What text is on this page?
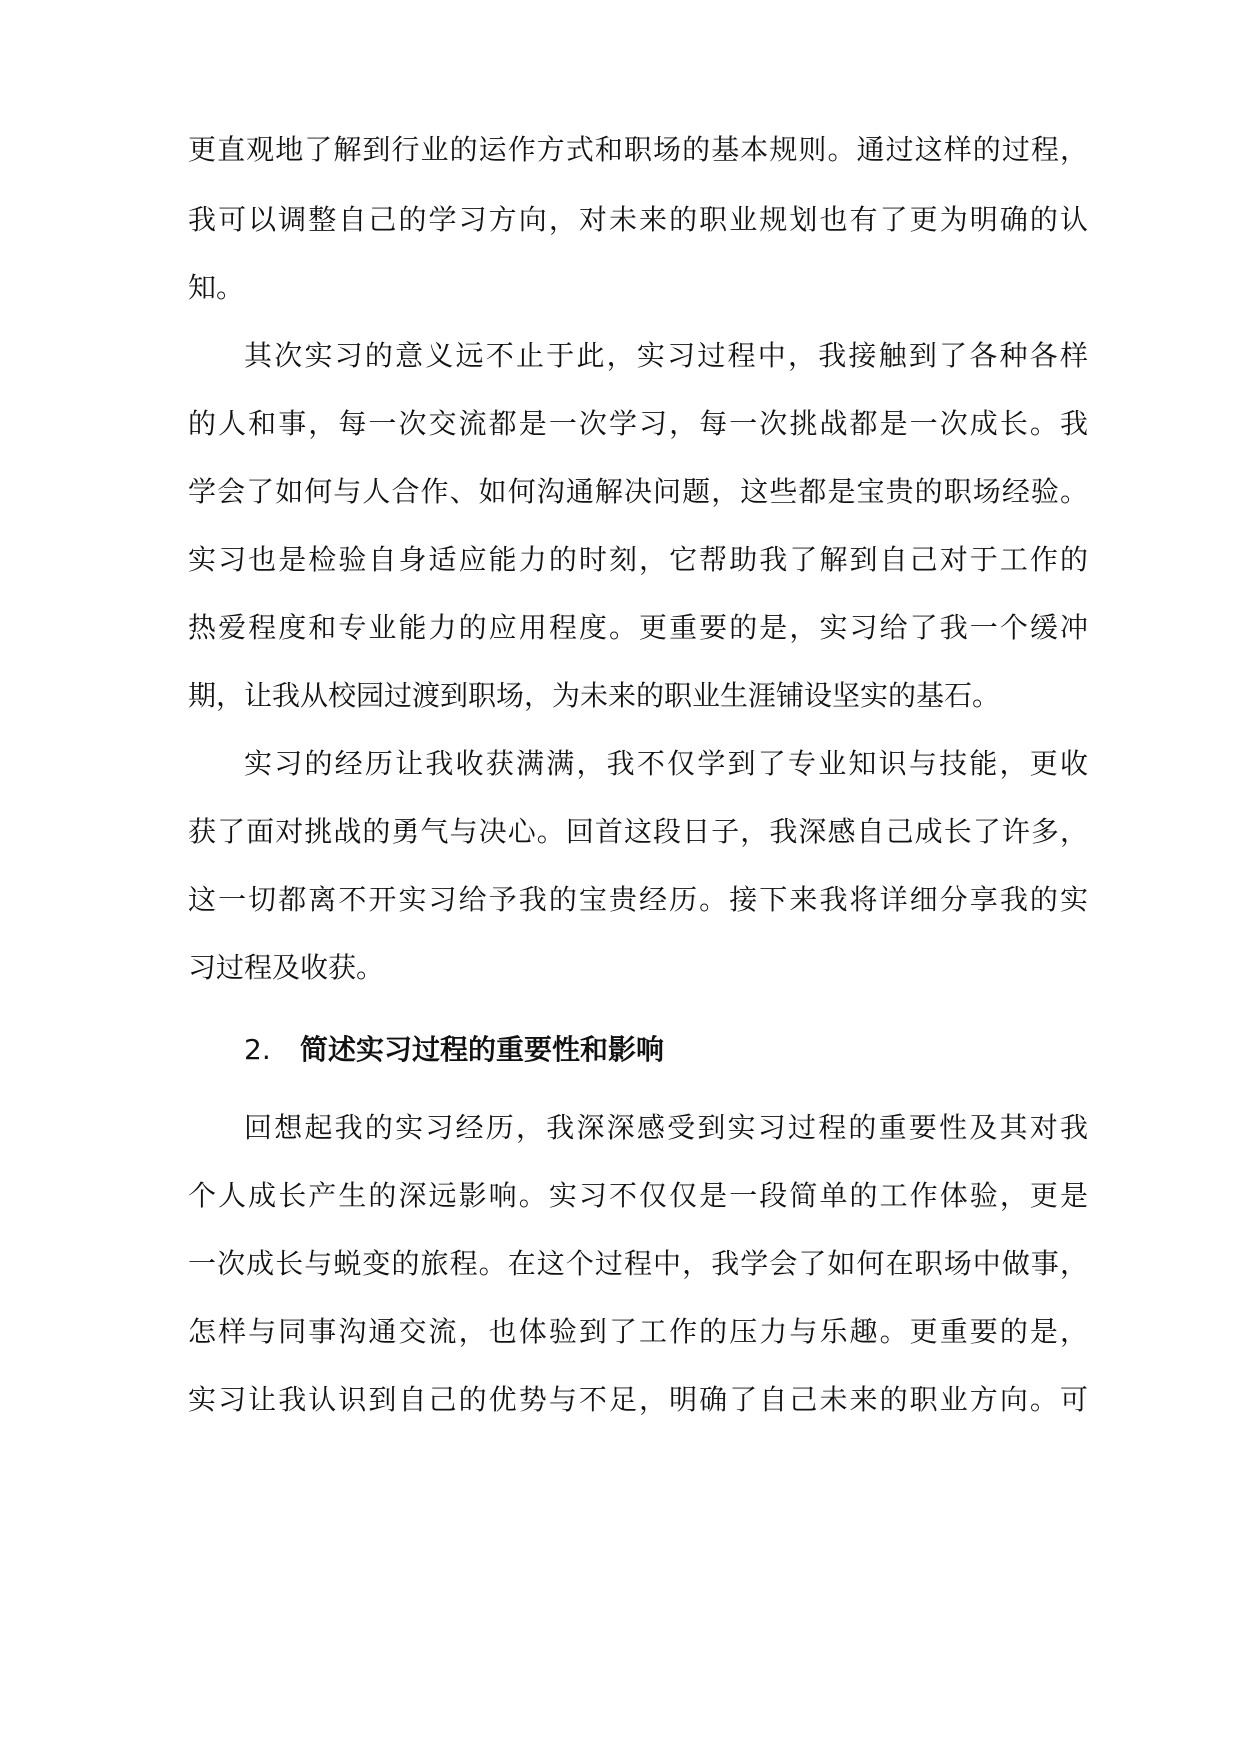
更直观地了解到行业的运作方式和职场的基本规则。通过这样的过程，
我可以调整自己的学习方向，对未来的职业规划也有了更为明确的认
知。
其次实习的意义远不止于此，实习过程中，我接触到了各种各样
的人和事，每一次交流都是一次学习，每一次挑战都是一次成长。我
学会了如何与人合作、如何沟通解决问题，这些都是宝贵的职场经验。
实习也是检验自身适应能力的时刻，它帮助我了解到自己对于工作的
热爱程度和专业能力的应用程度。更重要的是，实习给了我一个缓冲
期，让我从校园过渡到职场，为未来的职业生涯铺设坚实的基石。
实习的经历让我收获满满，我不仅学到了专业知识与技能，更收
获了面对挑战的勇气与决心。回首这段日子，我深感自己成长了许多，
这一切都离不开实习给予我的宝贵经历。接下来我将详细分享我的实
习过程及收获。
2. 简述实习过程的重要性和影响
回想起我的实习经历，我深深感受到实习过程的重要性及其对我
个人成长产生的深远影响。实习不仅仅是一段简单的工作体验，更是
一次成长与蜕变的旅程。在这个过程中，我学会了如何在职场中做事，
怎样与同事沟通交流，也体验到了工作的压力与乐趣。更重要的是，
实习让我认识到自己的优势与不足，明确了自己未来的职业方向。可
